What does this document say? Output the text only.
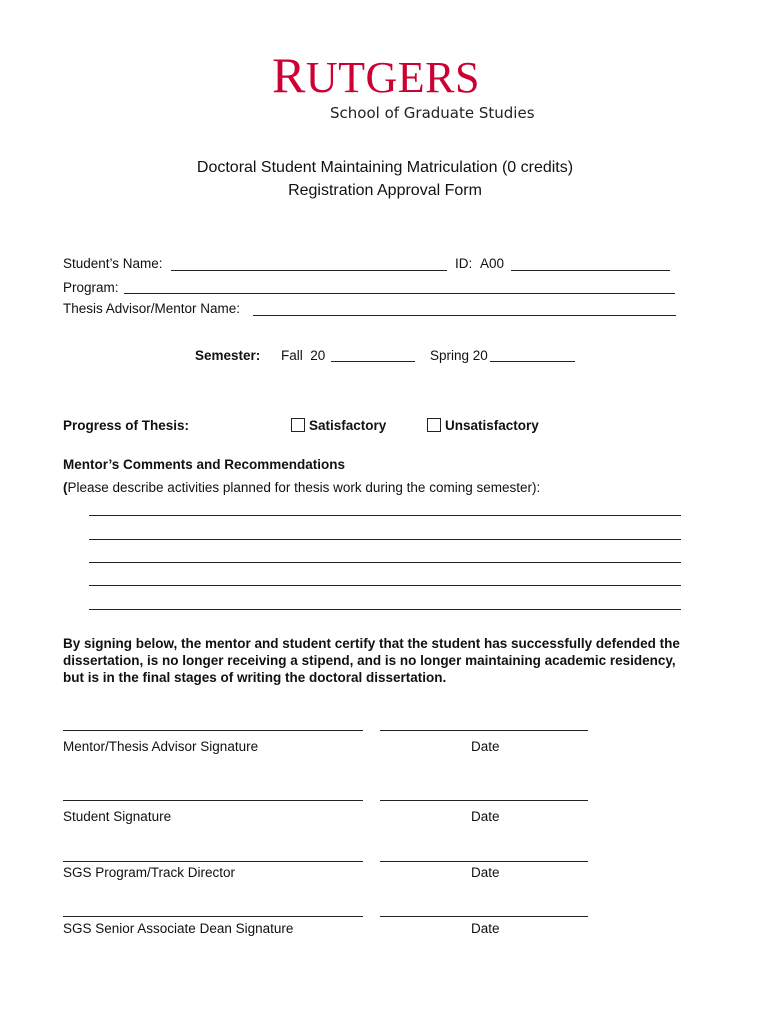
RUTGERS
School of Graduate Studies
Doctoral Student Maintaining Matriculation (0 credits)
Registration Approval Form
Student’s Name:	ID: A00
Program:
Thesis Advisor/Mentor Name:
Semester: Fall  20	Spring 20
Progress of Thesis:	Satisfactory	Unsatisfactory
Mentor’s Comments and Recommendations
(Please describe activities planned for thesis work during the coming semester):
By signing below, the mentor and student certify that the student has successfully defended the
dissertation, is no longer receiving a stipend, and is no longer maintaining academic residency,
but is in the final stages of writing the doctoral dissertation.
Mentor/Thesis Advisor Signature	Date
Student Signature	Date
SGS Program/Track Director	Date
SGS Senior Associate Dean Signature	Date
